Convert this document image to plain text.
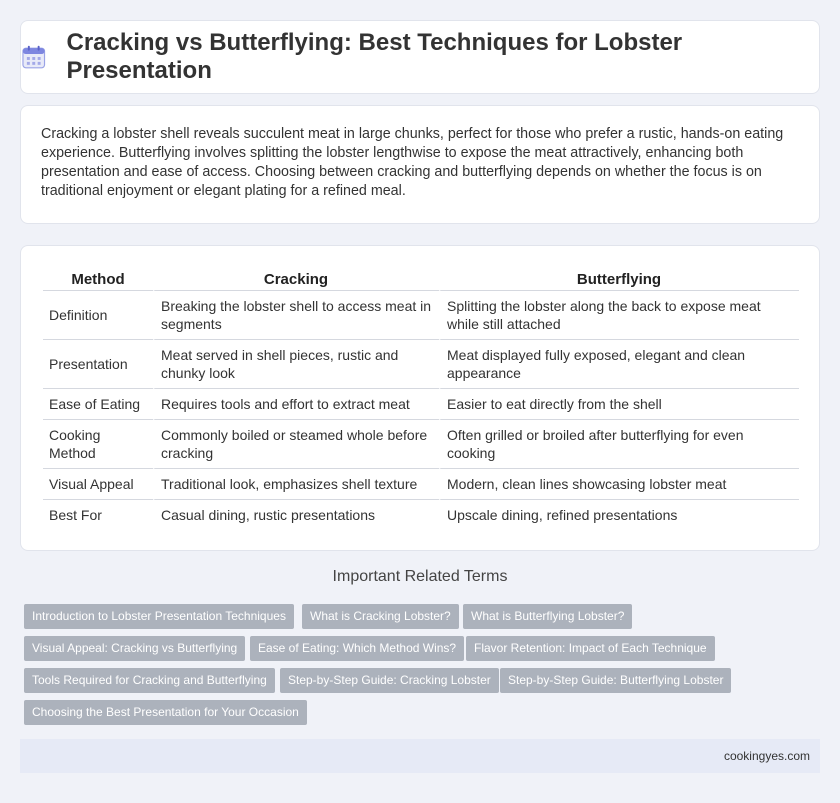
Cracking vs Butterflying: Best Techniques for Lobster Presentation

Cracking a lobster shell reveals succulent meat in large chunks, perfect for those who prefer a rustic, hands-on eating experience. Butterflying involves splitting the lobster lengthwise to expose the meat attractively, enhancing both presentation and ease of access. Choosing between cracking and butterflying depends on whether the focus is on traditional enjoyment or elegant plating for a refined meal.

Method	Cracking	Butterflying
Definition	Breaking the lobster shell to access meat in segments	Splitting the lobster along the back to expose meat while still attached
Presentation	Meat served in shell pieces, rustic and chunky look	Meat displayed fully exposed, elegant and clean appearance
Ease of Eating	Requires tools and effort to extract meat	Easier to eat directly from the shell
Cooking Method	Commonly boiled or steamed whole before cracking	Often grilled or broiled after butterflying for even cooking
Visual Appeal	Traditional look, emphasizes shell texture	Modern, clean lines showcasing lobster meat
Best For	Casual dining, rustic presentations	Upscale dining, refined presentations
Important Related Terms
Introduction to Lobster Presentation Techniques	What is Cracking Lobster?	What is Butterflying Lobster?
Visual Appeal: Cracking vs Butterflying	Ease of Eating: Which Method Wins?	Flavor Retention: Impact of Each Technique
Tools Required for Cracking and Butterflying	Step-by-Step Guide: Cracking Lobster	Step-by-Step Guide: Butterflying Lobster
Choosing the Best Presentation for Your Occasion
cookingyes.com
